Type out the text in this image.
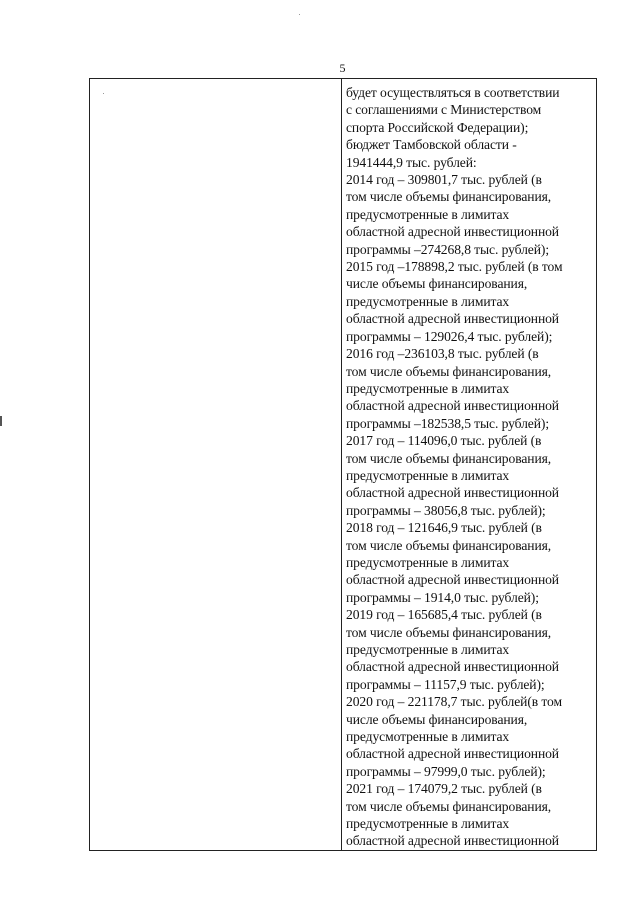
5
будет осуществляться в соответствии
с соглашениями с Министерством
спорта Российской Федерации);
бюджет Тамбовской области -
1941444,9 тыс. рублей:
2014 год – 309801,7 тыс. рублей (в
том числе объемы финансирования,
предусмотренные в лимитах
областной адресной инвестиционной
программы –274268,8 тыс. рублей);
2015 год –178898,2 тыс. рублей (в том
числе объемы финансирования,
предусмотренные в лимитах
областной адресной инвестиционной
программы – 129026,4 тыс. рублей);
2016 год –236103,8 тыс. рублей (в
том числе объемы финансирования,
предусмотренные в лимитах
областной адресной инвестиционной
программы –182538,5 тыс. рублей);
2017 год – 114096,0 тыс. рублей (в
том числе объемы финансирования,
предусмотренные в лимитах
областной адресной инвестиционной
программы – 38056,8 тыс. рублей);
2018 год – 121646,9 тыс. рублей (в
том числе объемы финансирования,
предусмотренные в лимитах
областной адресной инвестиционной
программы – 1914,0 тыс. рублей);
2019 год – 165685,4 тыс. рублей (в
том числе объемы финансирования,
предусмотренные в лимитах
областной адресной инвестиционной
программы – 11157,9 тыс. рублей);
2020 год – 221178,7 тыс. рублей(в том
числе объемы финансирования,
предусмотренные в лимитах
областной адресной инвестиционной
программы – 97999,0 тыс. рублей);
2021 год – 174079,2 тыс. рублей (в
том числе объемы финансирования,
предусмотренные в лимитах
областной адресной инвестиционной
